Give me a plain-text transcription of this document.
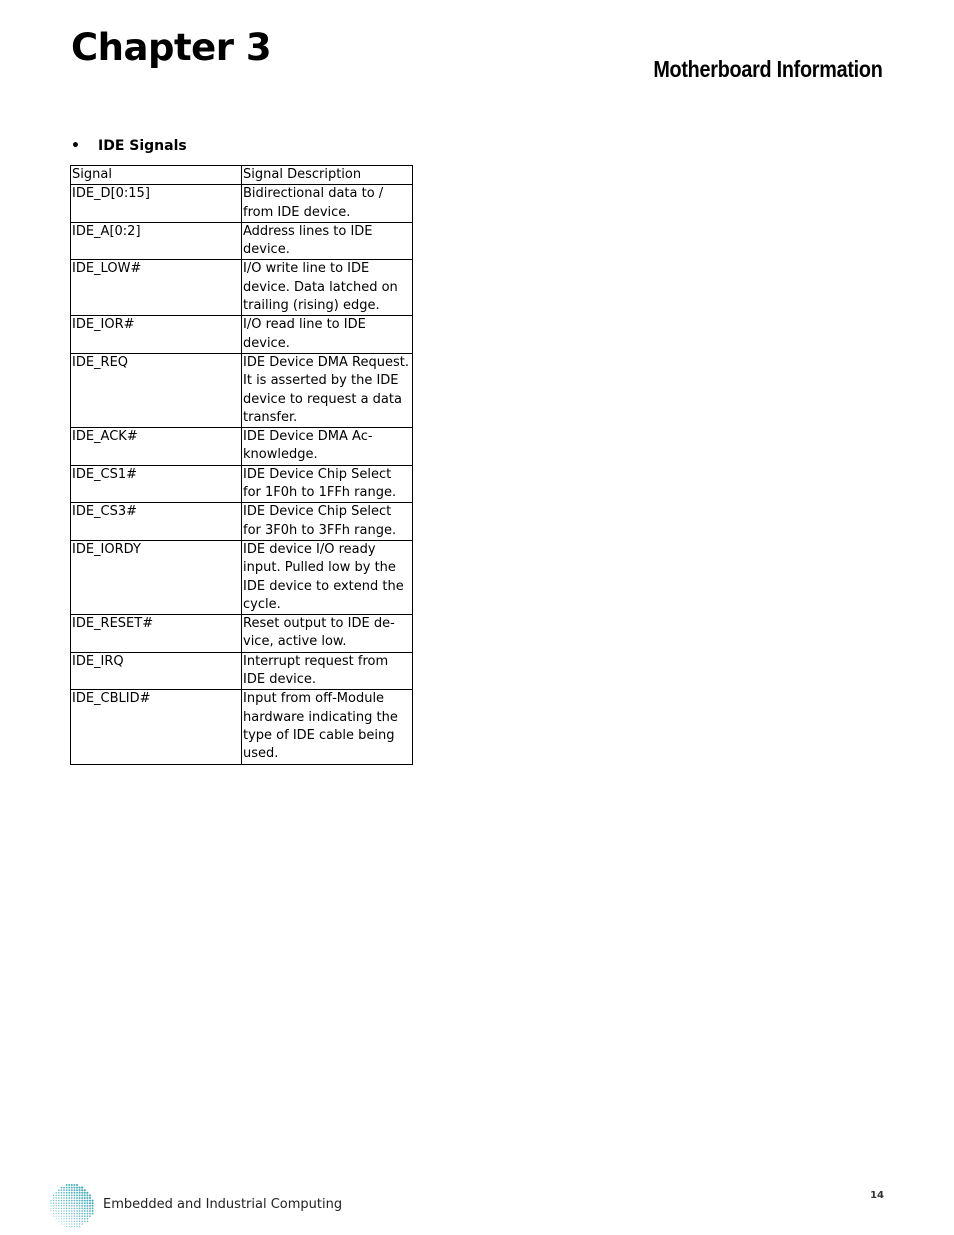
Chapter 3	Motherboard Information
• IDE Signals
Signal	Signal Description
IDE_D[0:15]	Bidirectional data to / from IDE device.
IDE_A[0:2]	Address lines to IDE device.
IDE_LOW#	I/O write line to IDE device. Data latched on trailing (rising) edge.
IDE_IOR#	I/O read line to IDE device.
IDE_REQ	IDE Device DMA Request. It is asserted by the IDE device to request a data transfer.
IDE_ACK#	IDE Device DMA Ac-knowledge.
IDE_CS1#	IDE Device Chip Select for 1F0h to 1FFh range.
IDE_CS3#	IDE Device Chip Select for 3F0h to 3FFh range.
IDE_IORDY	IDE device I/O ready input. Pulled low by the IDE device to extend the cycle.
IDE_RESET#	Reset output to IDE de-vice, active low.
IDE_IRQ	Interrupt request from IDE device.
IDE_CBLID#	Input from off-Module hardware indicating the type of IDE cable being used.
Embedded and Industrial Computing
14
